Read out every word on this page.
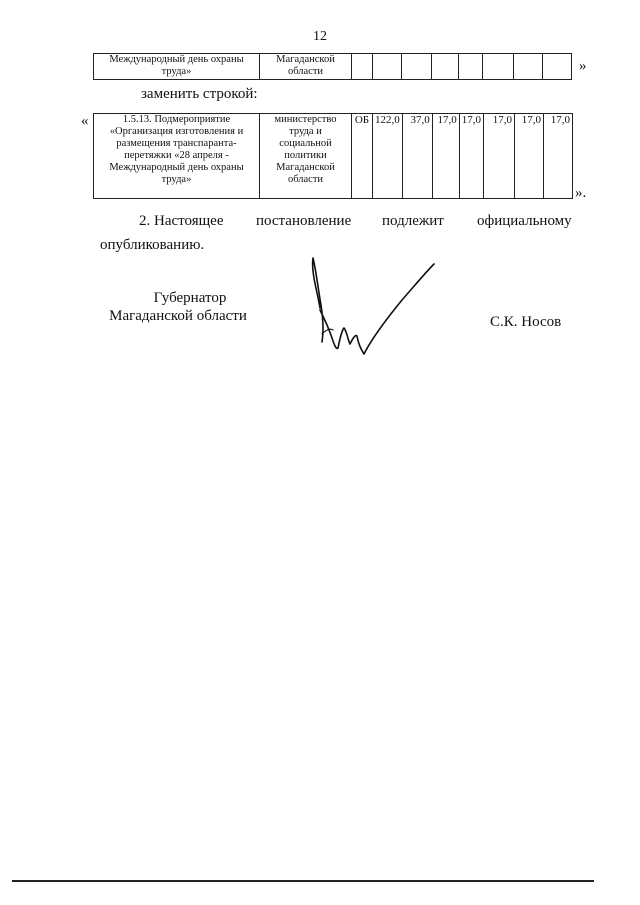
12
Международный день охраны труда»	Магаданской области									»
заменить строкой:
«	1.5.13. Подмероприятие «Организация изготовления и размещения транспаранта-перетяжки «28 апреля - Международный день охраны труда»	министерство труда и социальной политики Магаданской области	ОБ	122,0	37,0	17,0	17,0	17,0	17,0	17,0
».
2. Настоящее постановление подлежит официальному
опубликованию.
Губернатор
Магаданской области	С.К. Носов
